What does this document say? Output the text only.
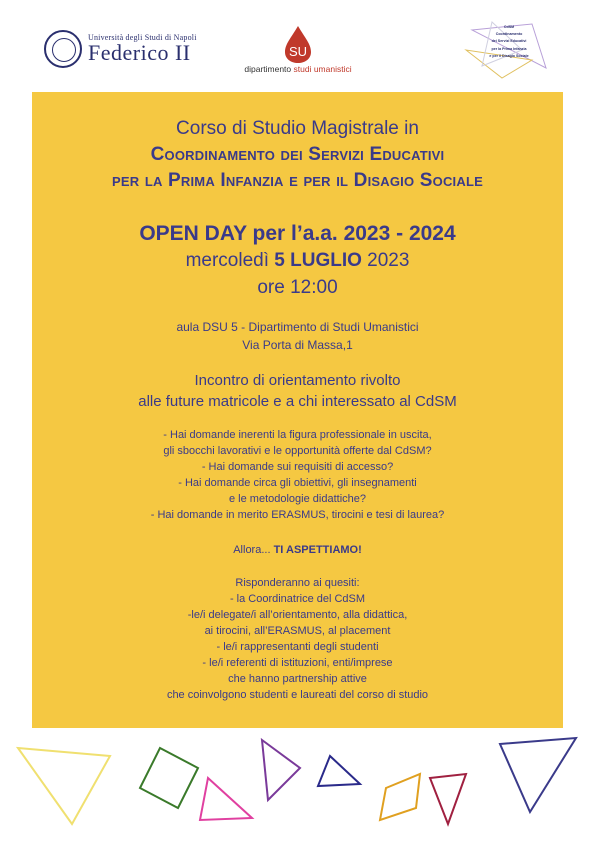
Università degli Studi di Napoli
Federico II	SU
dipartimento studi umanistici
CdSM
Coordinamento
dei Servizi Educativi
per la Prima Infanzia
e per il Disagio Sociale

Corso di Studio Magistrale in

Coordinamento dei Servizi Educativi

per la Prima Infanzia e per il Disagio Sociale

OPEN DAY per l’a.a. 2023 - 2024

mercoledì 5 LUGLIO 2023

ore 12:00

aula DSU 5 - Dipartimento di Studi Umanistici

Via Porta di Massa,1

Incontro di orientamento rivolto

alle future matricole e a chi interessato al CdSM

- Hai domande inerenti la figura professionale in uscita,

gli sbocchi lavorativi e le opportunità offerte dal CdSM?

- Hai domande sui requisiti di accesso?

- Hai domande circa gli obiettivi, gli insegnamenti

e le metodologie didattiche?

- Hai domande in merito ERASMUS, tirocini e tesi di laurea?

Allora... TI ASPETTIAMO!

Risponderanno ai quesiti:

- la Coordinatrice del CdSM

-le/i delegate/i all’orientamento, alla didattica,

ai tirocini, all’ERASMUS, al placement

- le/i rappresentanti degli studenti

- le/i referenti di istituzioni, enti/imprese

che hanno partnership attive

che coinvolgono studenti e laureati del corso di studio
